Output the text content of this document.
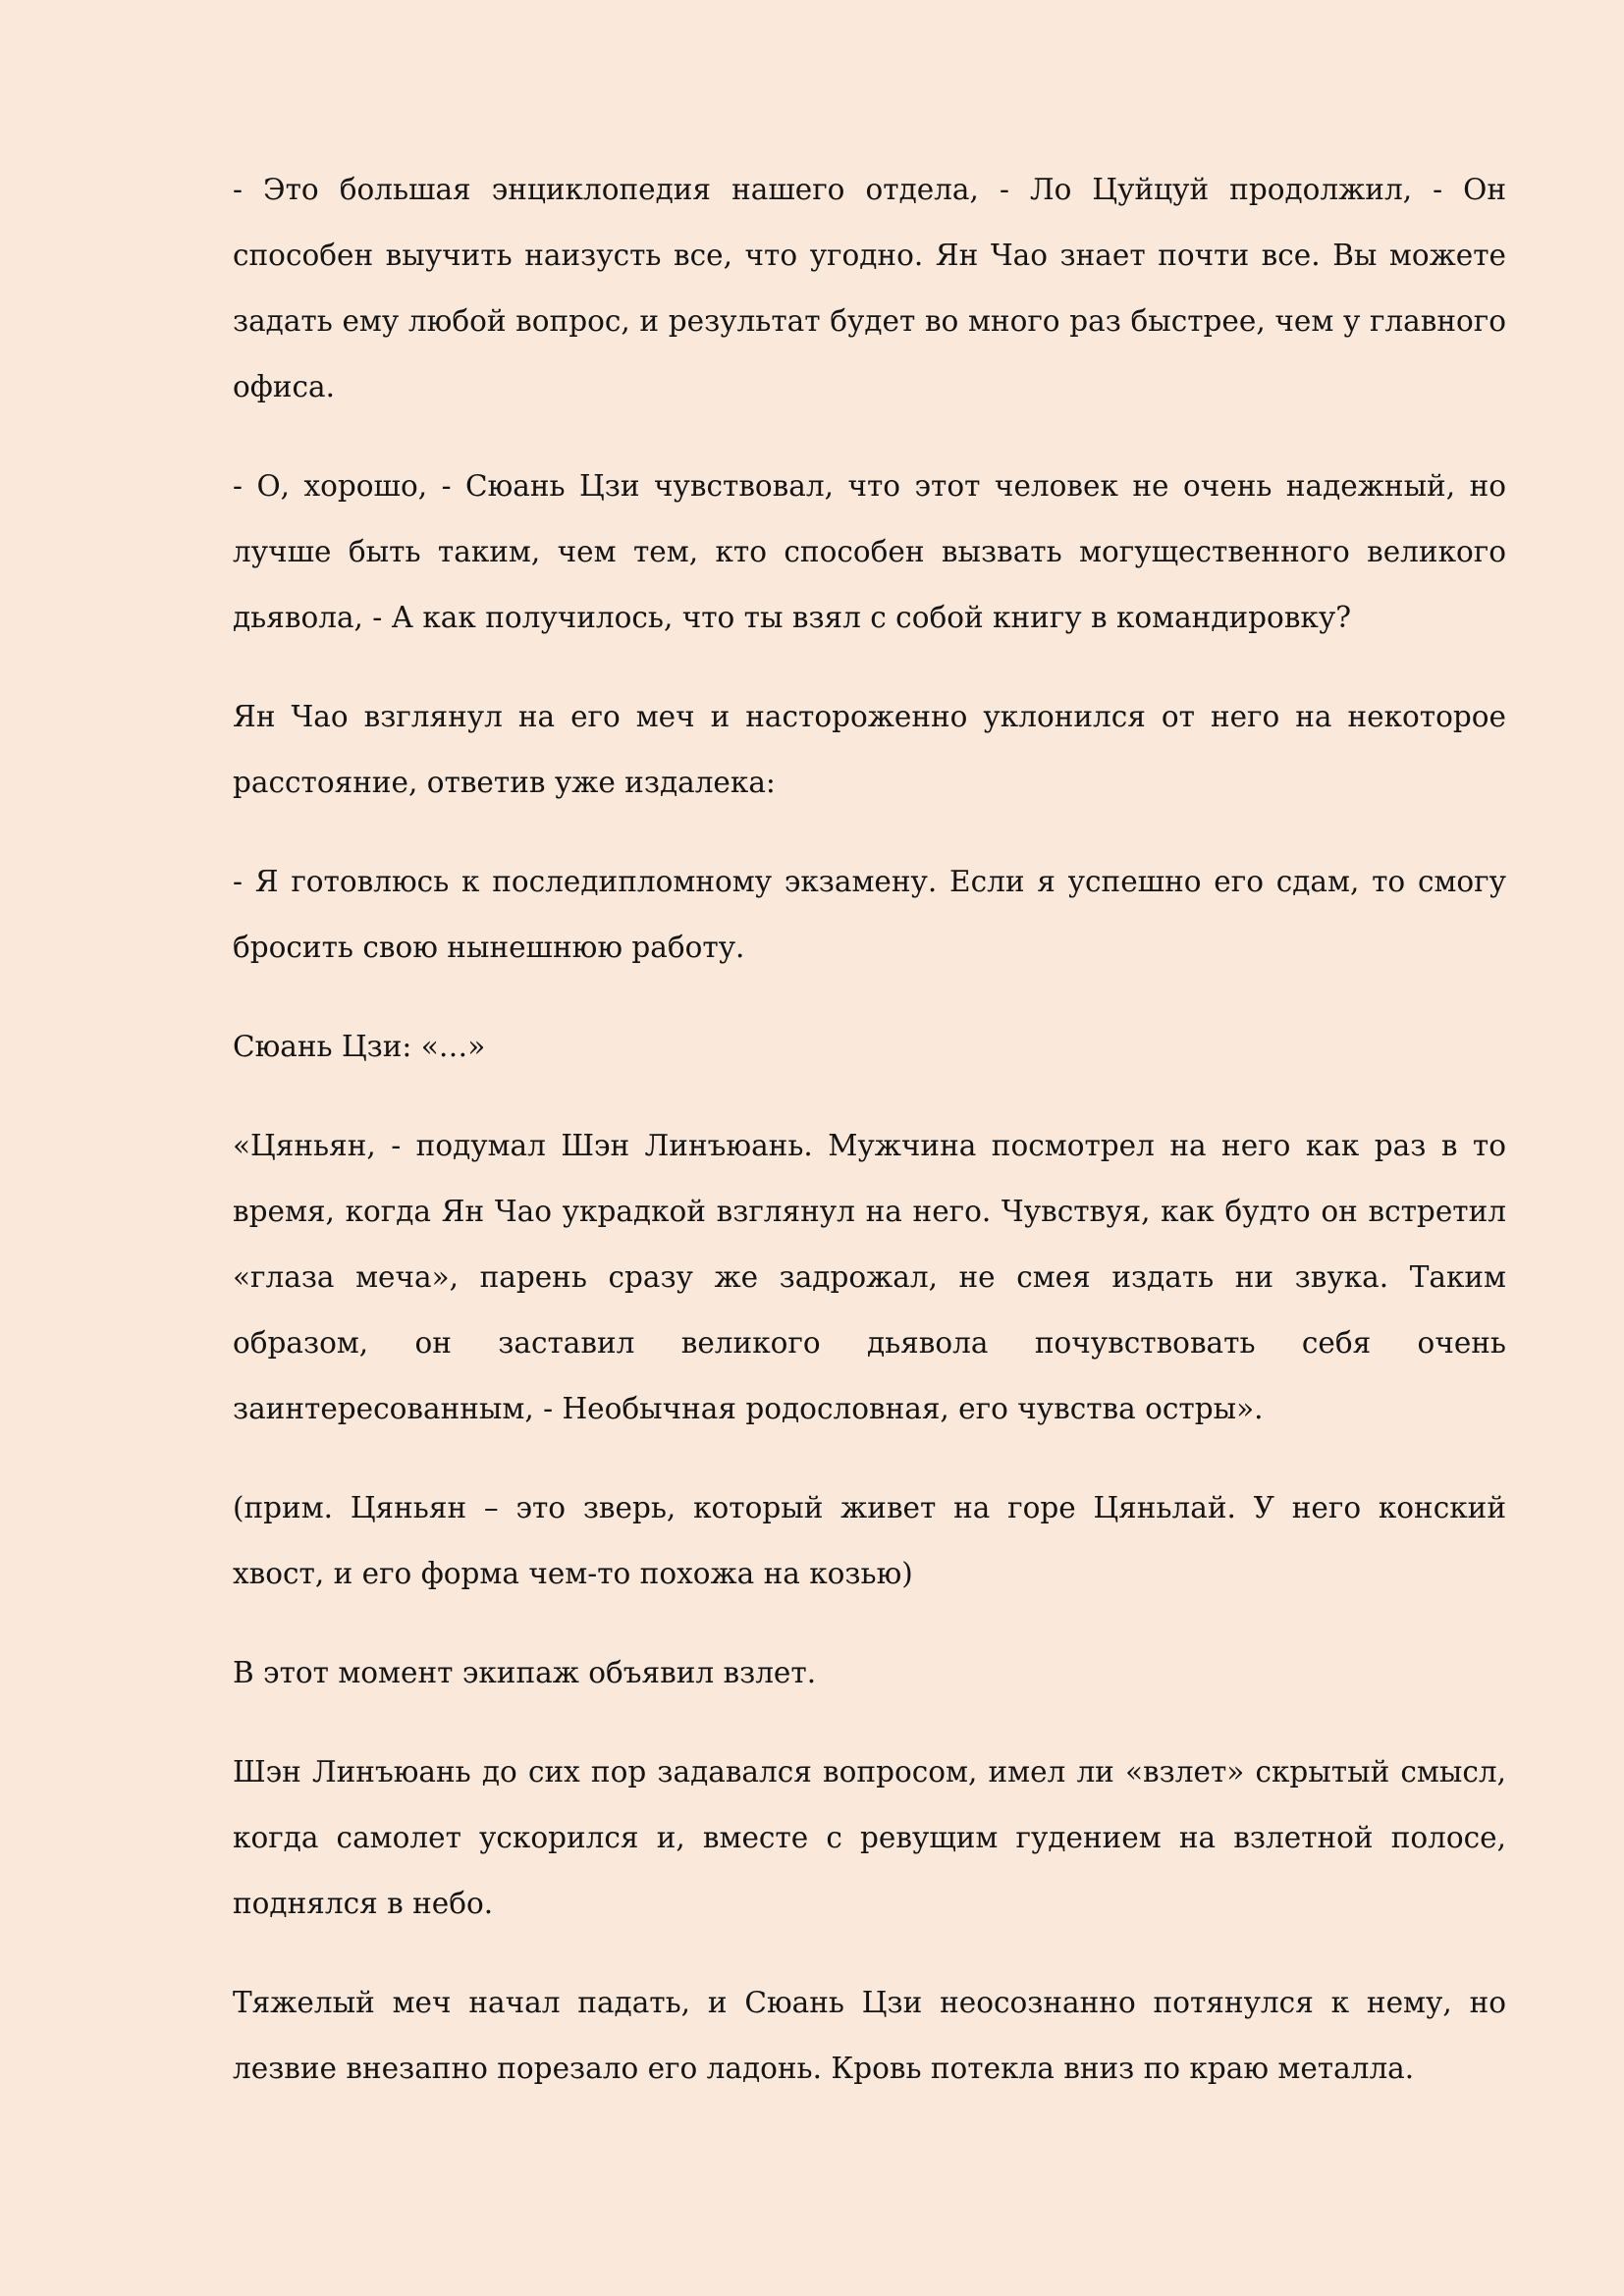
- Это большая энциклопедия нашего отдела, - Ло Цуйцуй продолжил, - Он способен выучить наизусть все, что угодно. Ян Чао знает почти все. Вы можете задать ему любой вопрос, и результат будет во много раз быстрее, чем у главного офиса.

- О, хорошо, - Сюань Цзи чувствовал, что этот человек не очень надежный, но лучше быть таким, чем тем, кто способен вызвать могущественного великого дьявола, - А как получилось, что ты взял с собой книгу в командировку?

Ян Чао взглянул на его меч и настороженно уклонился от него на некоторое расстояние, ответив уже издалека:

- Я готовлюсь к последипломному экзамену. Если я успешно его сдам, то смогу бросить свою нынешнюю работу.

Сюань Цзи: «…»

«Цяньян, - подумал Шэн Линъюань. Мужчина посмотрел на него как раз в то время, когда Ян Чао украдкой взглянул на него. Чувствуя, как будто он встретил «глаза меча», парень сразу же задрожал, не смея издать ни звука. Таким образом, он заставил великого дьявола почувствовать себя очень заинтересованным, - Необычная родословная, его чувства остры».

(прим. Цяньян – это зверь, который живет на горе Цяньлай. У него конский хвост, и его форма чем-то похожа на козью)

В этот момент экипаж объявил взлет.

Шэн Линъюань до сих пор задавался вопросом, имел ли «взлет» скрытый смысл, когда самолет ускорился и, вместе с ревущим гудением на взлетной полосе, поднялся в небо.

Тяжелый меч начал падать, и Сюань Цзи неосознанно потянулся к нему, но лезвие внезапно порезало его ладонь. Кровь потекла вниз по краю металла.
